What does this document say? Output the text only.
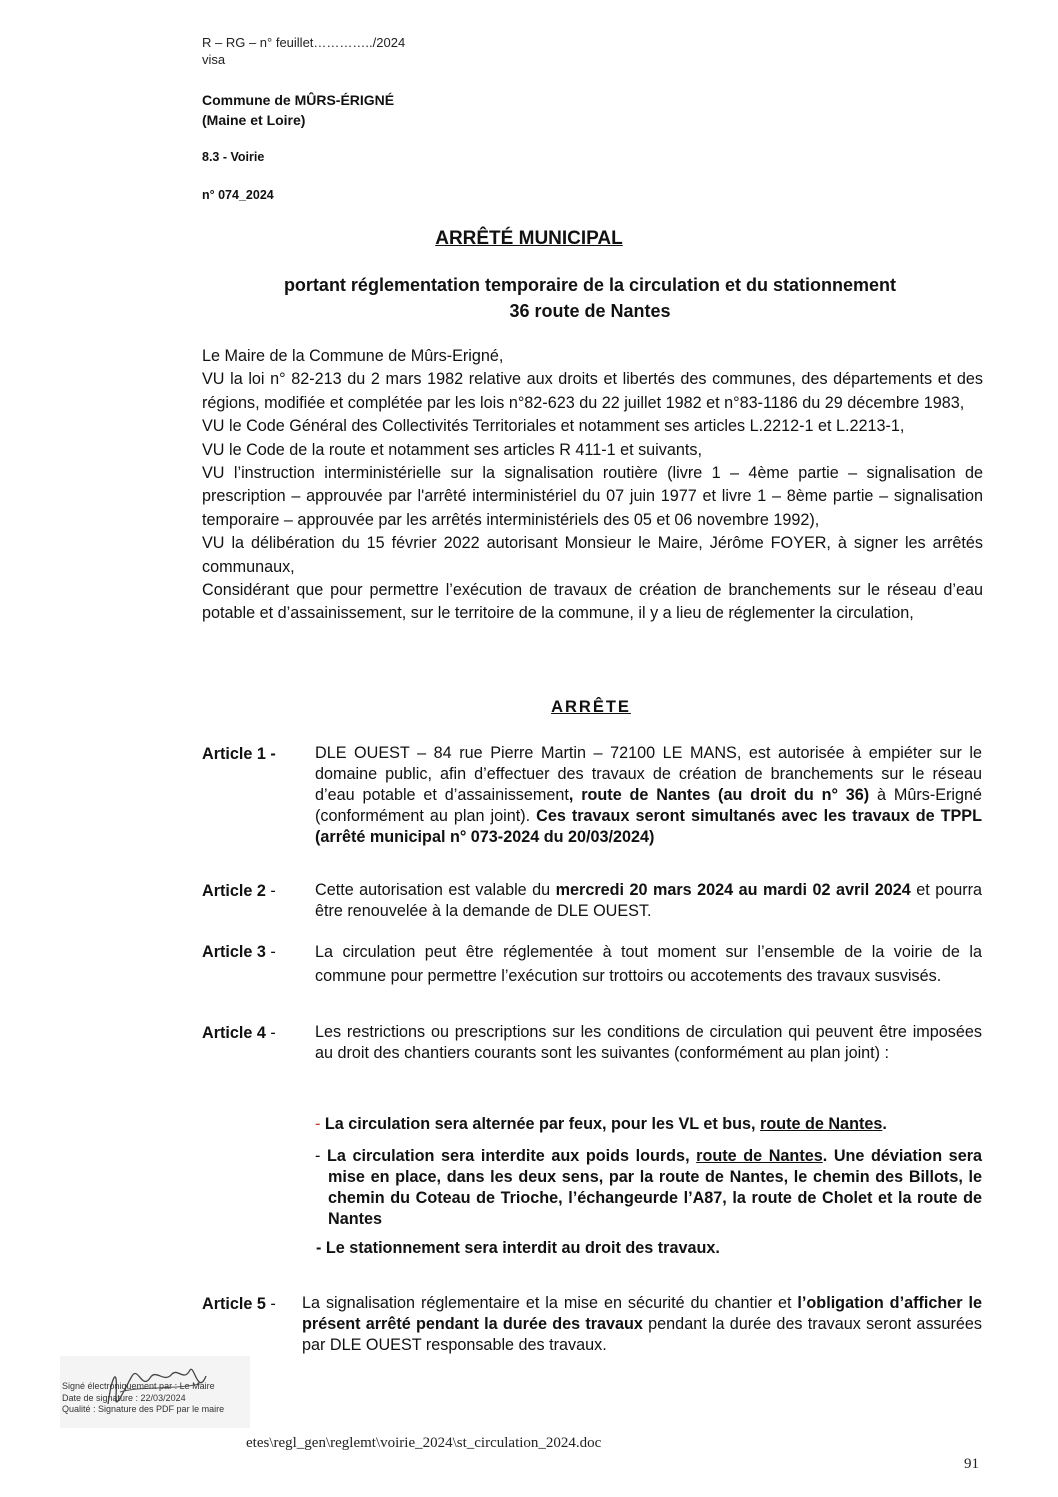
R – RG – n° feuillet…………../2024
visa
Commune de MÛRS-ÉRIGNÉ
(Maine et Loire)
8.3 - Voirie
n° 074_2024
ARRÊTÉ MUNICIPAL
portant réglementation temporaire de la circulation et du stationnement
36 route de Nantes

Le Maire de la Commune de Mûrs-Erigné,

VU la loi n° 82-213 du 2 mars 1982 relative aux droits et libertés des communes, des départements et des régions, modifiée et complétée par les lois n°82-623 du 22 juillet 1982 et n°83-1186 du 29 décembre 1983,

VU le Code Général des Collectivités Territoriales et notamment ses articles L.2212-1 et L.2213-1,

VU le Code de la route et notamment ses articles R 411-1 et suivants,

VU l’instruction interministérielle sur la signalisation routière (livre 1 – 4ème partie – signalisation de prescription – approuvée par l'arrêté interministériel du 07 juin 1977 et livre 1 – 8ème partie – signalisation temporaire – approuvée par les arrêtés interministériels des 05 et 06 novembre 1992),

VU la délibération du 15 février 2022 autorisant Monsieur le Maire, Jérôme FOYER, à signer les arrêtés communaux,

Considérant que pour permettre l’exécution de travaux de création de branchements sur le réseau d’eau potable et d’assainissement, sur le territoire de la commune, il y a lieu de réglementer la circulation,

ARRÊTE
Article 1 - DLE OUEST – 84 rue Pierre Martin – 72100 LE MANS, est autorisée à empiéter sur le domaine public, afin d’effectuer des travaux de création de branchements sur le réseau d’eau potable et d’assainissement, route de Nantes (au droit du n° 36) à Mûrs-Erigné (conformément au plan joint). Ces travaux seront simultanés avec les travaux de TPPL (arrêté municipal n° 073-2024 du 20/03/2024)
Article 2 - Cette autorisation est valable du mercredi 20 mars 2024 au mardi 02 avril 2024 et pourra être renouvelée à la demande de DLE OUEST.
Article 3 - La circulation peut être réglementée à tout moment sur l’ensemble de la voirie de la commune pour permettre l’exécution sur trottoirs ou accotements des travaux susvisés.
Article 4 - Les restrictions ou prescriptions sur les conditions de circulation qui peuvent être imposées au droit des chantiers courants sont les suivantes (conformément au plan joint) :
- La circulation sera alternée par feux, pour les VL et bus, route de Nantes.
- La circulation sera interdite aux poids lourds, route de Nantes. Une déviation sera mise en place, dans les deux sens, par la route de Nantes, le chemin des Billots, le chemin du Coteau de Trioche, l’échangeurde l’A87, la route de Cholet et la route de Nantes
- Le stationnement sera interdit au droit des travaux.
Article 5 - La signalisation réglementaire et la mise en sécurité du chantier et l’obligation d’afficher le présent arrêté pendant la durée des travaux pendant la durée des travaux seront assurées par DLE OUEST responsable des travaux.
Signé électroniquement par : Le Maire
Date de signature : 22/03/2024
Qualité : Signature des PDF par le maire
etes\regl_gen\reglemt\voirie_2024\st_circulation_2024.doc
91
